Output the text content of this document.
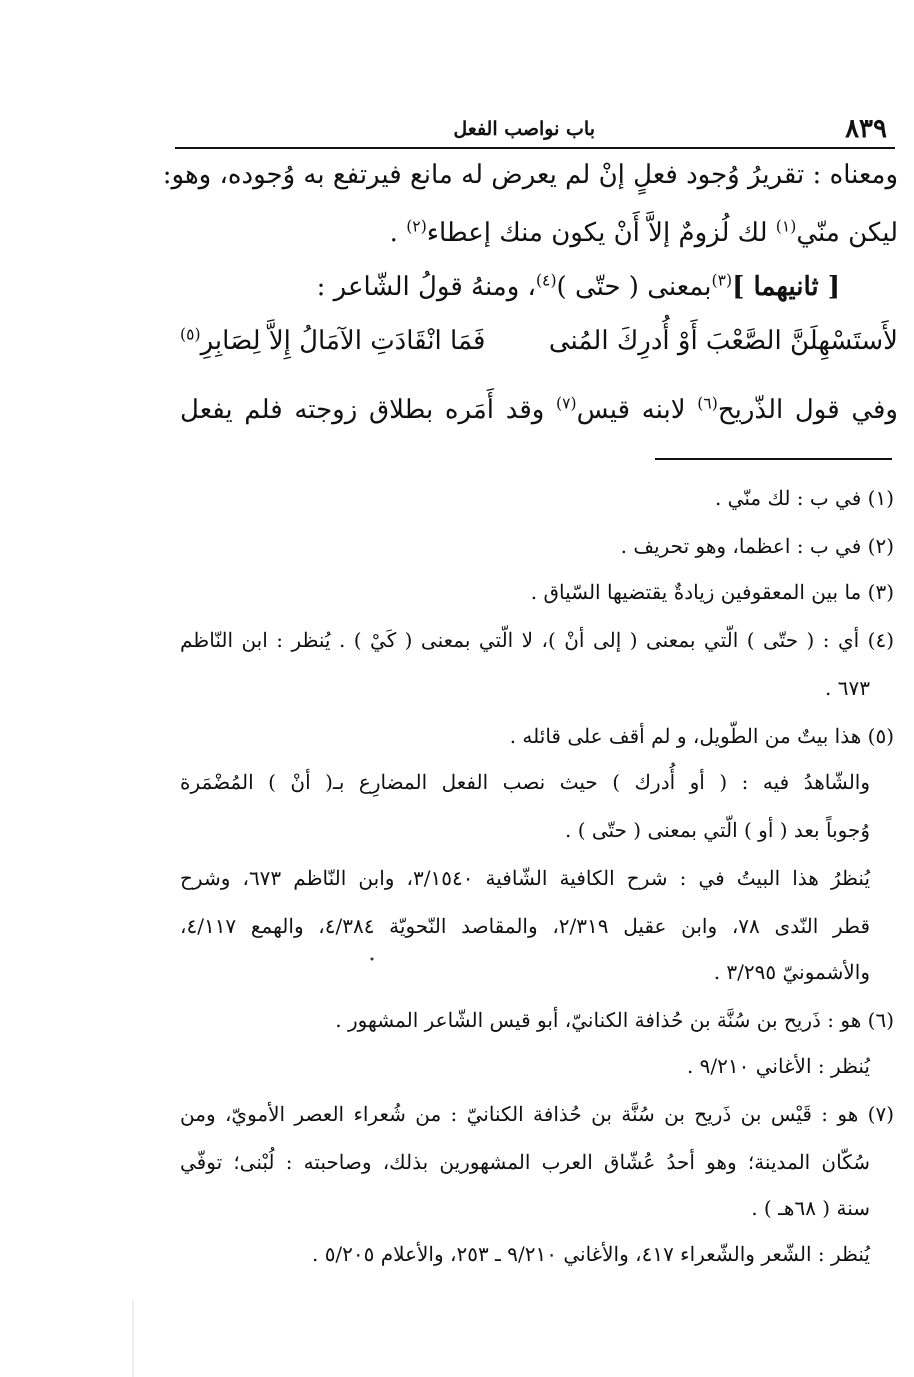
٨٣٩
باب نواصب الفعل
ومعناه : تقريرُ وُجود فعلٍ إنْ لم يعرض له مانع فيرتفع به وُجوده، وهو:
ليكن منّي$^{(١)}$ لك لُزومٌ إلاَّ أَنْ يكون منك إعطاء$^{(٢)}$ .
[ ثانيهما ]$^{(٣)}$بمعنى ( حتّى )$^{(٤)}$، ومنهُ قولُ الشّاعر :
لأَستَسْهِلَنَّ الصَّعْبَ أَوْ أُدرِكَ المُنى
فَمَا انْقَادَتِ الآمَالُ إِلاَّ لِصَابِرِ$^{(٥)}$
وفي قول الذّريح$^{(٦)}$ لابنه قيس$^{(٧)}$ وقد أَمَره بطلاق زوجته فلم يفعل
(١) في ب : لك منّي .
(٢) في ب : اعظما، وهو تحريف .
(٣) ما بين المعقوفين زيادةٌ يقتضيها السّياق .
(٤) أي : ( حتّى ) الّتي بمعنى ( إلى أنْ )، لا الّتي بمعنى ( كَيْ ) . يُنظر : ابن النّاظم
٦٧٣ .
(٥) هذا بيتٌ من الطّويل، و لم أقف على قائله .
والشّاهدُ فيه : ( أو أُدرك ) حيث نصب الفعل المضارِع بـ( أنْ ) المُضْمَرة
وُجوباً بعد ( أو ) الّتي بمعنى ( حتّى ) .
يُنظرُ هذا البيتُ في : شرح الكافية الشّافية ٣/١٥٤٠، وابن النّاظم ٦٧٣، وشرح
قطر النّدى ٧٨، وابن عقيل ٢/٣١٩، والمقاصد النّحويّة ٤/٣٨٤، والهمع ٤/١١٧،
والأشمونيّ ٣/٢٩٥ .
(٦) هو : ذَريح بن سُنَّة بن حُذافة الكنانيّ، أبو قيس الشّاعر المشهور .
يُنظر : الأغاني ٩/٢١٠ .
(٧) هو : قَيْس بن ذَريح بن سُنَّة بن حُذافة الكنانيّ : من شُعراء العصر الأمويّ، ومن
سُكّان المدينة؛ وهو أحدُ عُشّاق العرب المشهورين بذلك، وصاحبته : لُبْنى؛ توفّي
سنة ( ٦٨هـ ) .
يُنظر : الشّعر والشّعراء ٤١٧، والأغاني ٩/٢١٠ ـ ٢٥٣، والأعلام ٥/٢٠٥ .
